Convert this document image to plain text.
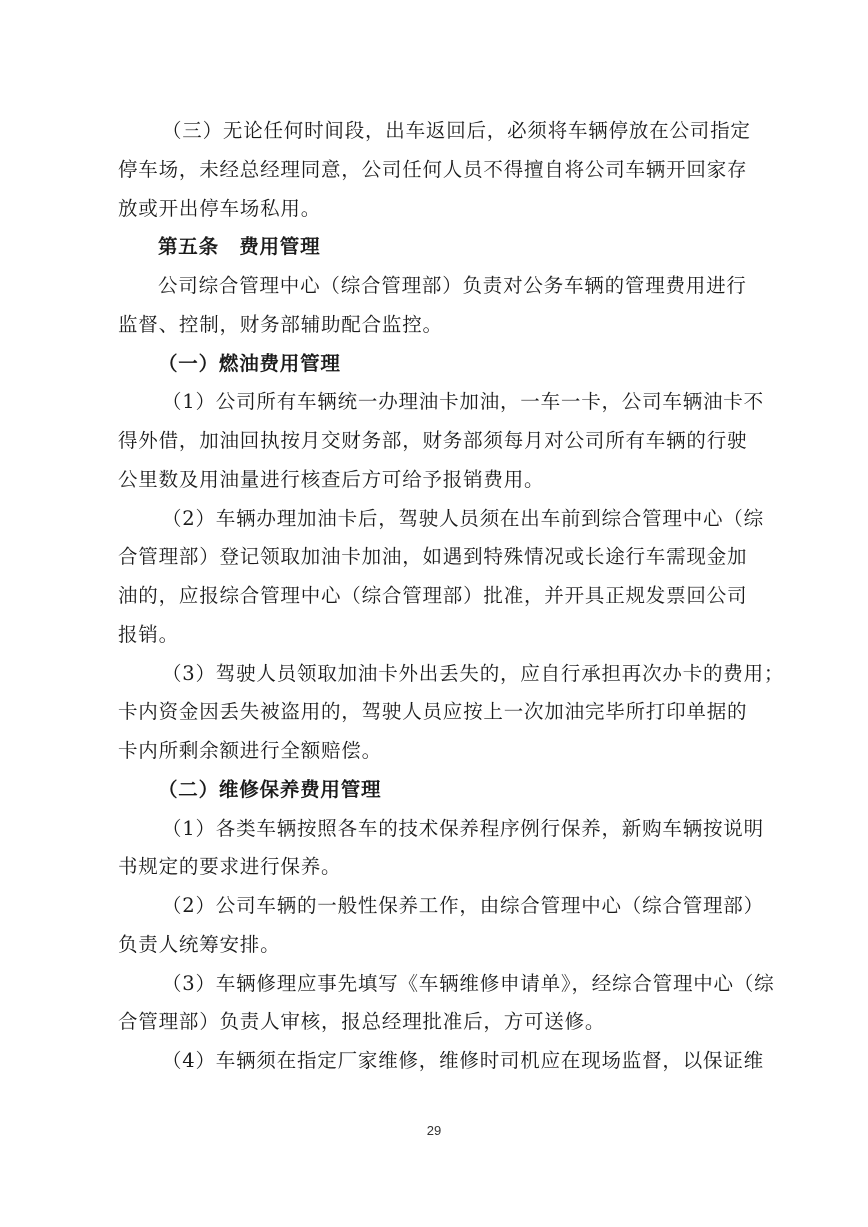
（三）无论任何时间段，出车返回后，必须将车辆停放在公司指定
停车场，未经总经理同意，公司任何人员不得擅自将公司车辆开回家存
放或开出停车场私用。
第五条　费用管理
公司综合管理中心（综合管理部）负责对公务车辆的管理费用进行
监督、控制，财务部辅助配合监控。
（一）燃油费用管理
（1）公司所有车辆统一办理油卡加油，一车一卡，公司车辆油卡不
得外借，加油回执按月交财务部，财务部须每月对公司所有车辆的行驶
公里数及用油量进行核查后方可给予报销费用。
（2）车辆办理加油卡后，驾驶人员须在出车前到综合管理中心（综
合管理部）登记领取加油卡加油，如遇到特殊情况或长途行车需现金加
油的，应报综合管理中心（综合管理部）批准，并开具正规发票回公司
报销。
（3）驾驶人员领取加油卡外出丢失的，应自行承担再次办卡的费用；
卡内资金因丢失被盗用的，驾驶人员应按上一次加油完毕所打印单据的
卡内所剩余额进行全额赔偿。
（二）维修保养费用管理
（1）各类车辆按照各车的技术保养程序例行保养，新购车辆按说明
书规定的要求进行保养。
（2）公司车辆的一般性保养工作，由综合管理中心（综合管理部）
负责人统筹安排。
（3）车辆修理应事先填写《车辆维修申请单》，经综合管理中心（综
合管理部）负责人审核，报总经理批准后，方可送修。
（4）车辆须在指定厂家维修，维修时司机应在现场监督，以保证维
29
